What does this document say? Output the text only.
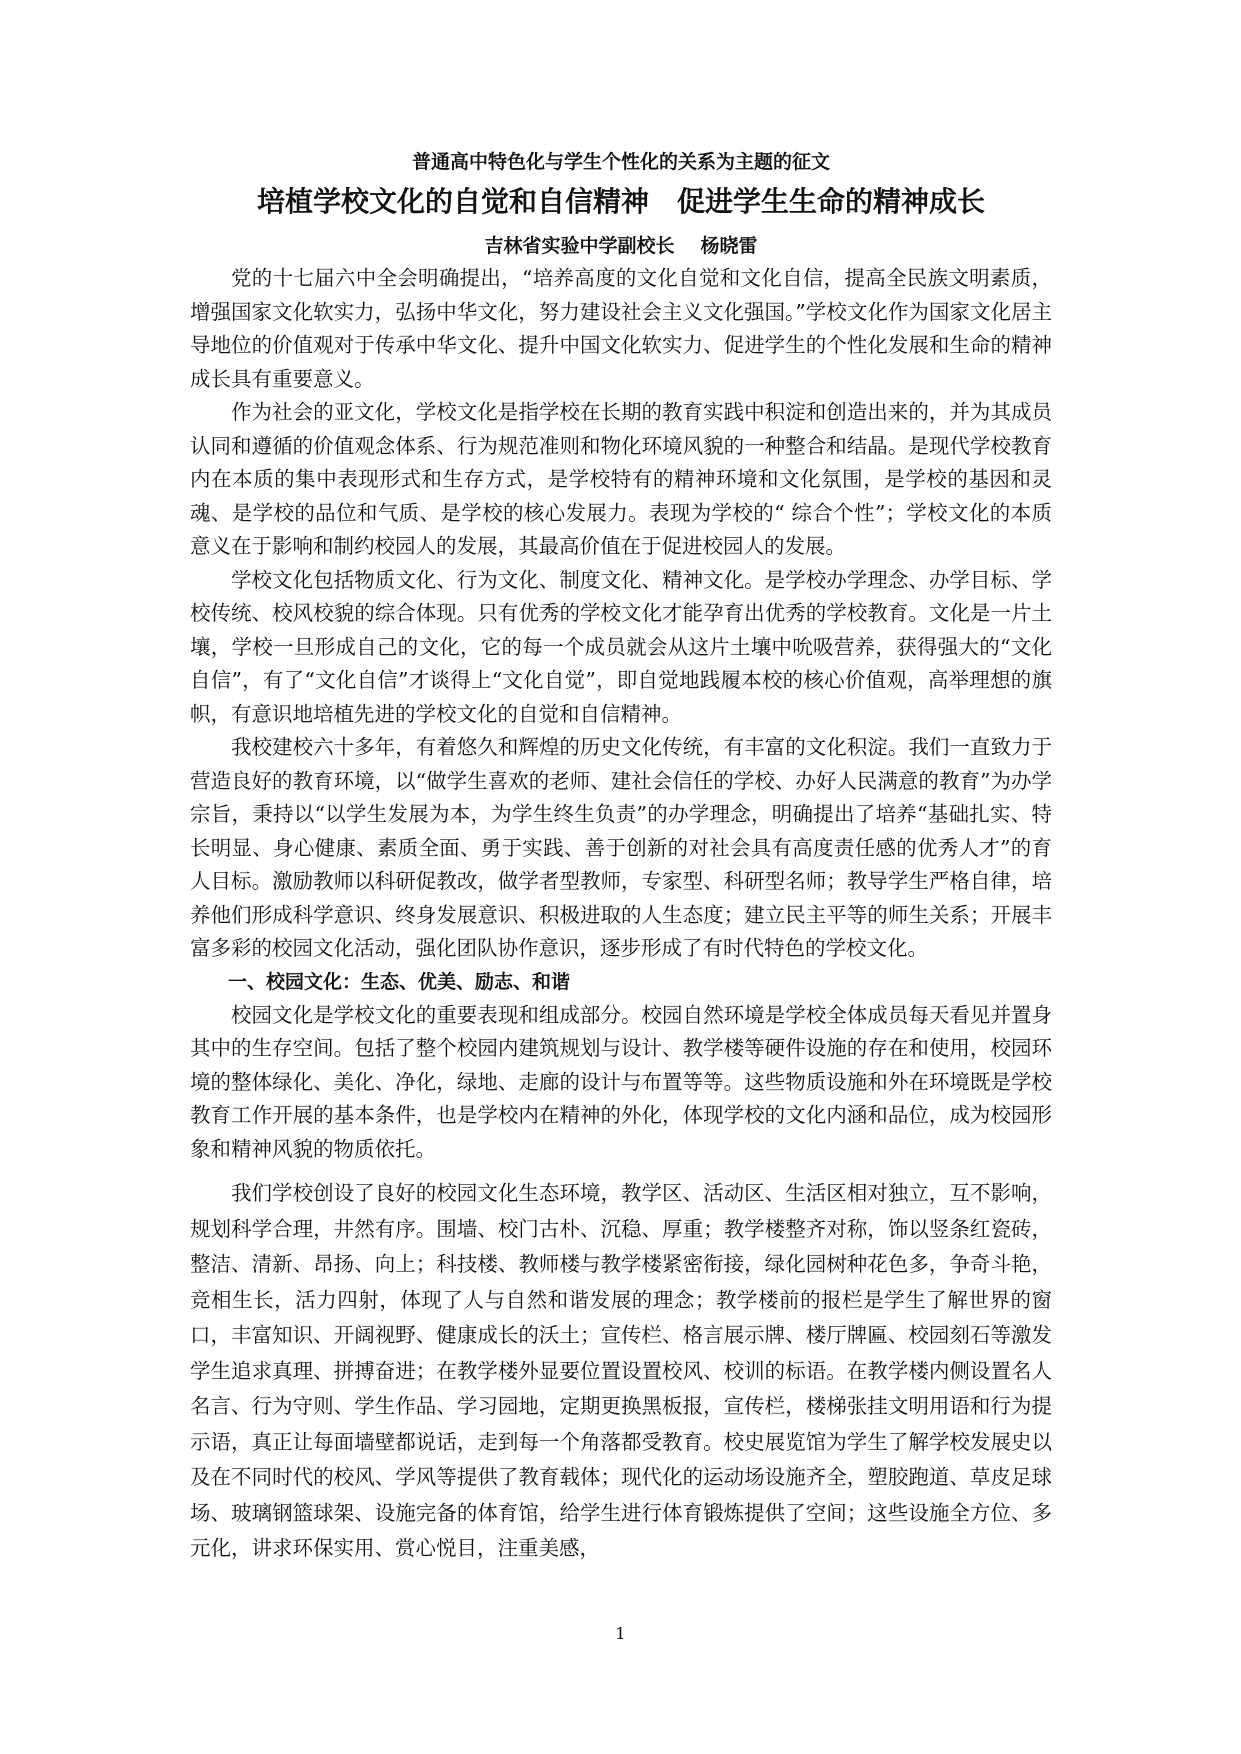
普通高中特色化与学生个性化的关系为主题的征文

培植学校文化的自觉和自信精神　促进学生生命的精神成长

吉林省实验中学副校长 杨晓雷

党的十七届六中全会明确提出，“培养高度的文化自觉和文化自信，提高全民族文明素质，增强国家文化软实力，弘扬中华文化，努力建设社会主义文化强国。”学校文化作为国家文化居主导地位的价值观对于传承中华文化、提升中国文化软实力、促进学生的个性化发展和生命的精神成长具有重要意义。

作为社会的亚文化，学校文化是指学校在长期的教育实践中积淀和创造出来的，并为其成员认同和遵循的价值观念体系、行为规范准则和物化环境风貌的一种整合和结晶。是现代学校教育内在本质的集中表现形式和生存方式，是学校特有的精神环境和文化氛围，是学校的基因和灵魂、是学校的品位和气质、是学校的核心发展力。表现为学校的“ 综合个性”；学校文化的本质意义在于影响和制约校园人的发展，其最高价值在于促进校园人的发展。

学校文化包括物质文化、行为文化、制度文化、精神文化。是学校办学理念、办学目标、学校传统、校风校貌的综合体现。只有优秀的学校文化才能孕育出优秀的学校教育。文化是一片土壤，学校一旦形成自己的文化，它的每一个成员就会从这片土壤中吮吸营养，获得强大的“文化自信”，有了“文化自信”才谈得上“文化自觉”，即自觉地践履本校的核心价值观，高举理想的旗帜，有意识地培植先进的学校文化的自觉和自信精神。

我校建校六十多年，有着悠久和辉煌的历史文化传统，有丰富的文化积淀。我们一直致力于营造良好的教育环境，以“做学生喜欢的老师、建社会信任的学校、办好人民满意的教育”为办学宗旨，秉持以“以学生发展为本，为学生终生负责”的办学理念，明确提出了培养“基础扎实、特长明显、身心健康、素质全面、勇于实践、善于创新的对社会具有高度责任感的优秀人才”的育人目标。激励教师以科研促教改，做学者型教师，专家型、科研型名师；教导学生严格自律，培养他们形成科学意识、终身发展意识、积极进取的人生态度；建立民主平等的师生关系；开展丰富多彩的校园文化活动，强化团队协作意识，逐步形成了有时代特色的学校文化。

一、校园文化：生态、优美、励志、和谐

校园文化是学校文化的重要表现和组成部分。校园自然环境是学校全体成员每天看见并置身其中的生存空间。包括了整个校园内建筑规划与设计、教学楼等硬件设施的存在和使用，校园环境的整体绿化、美化、净化，绿地、走廊的设计与布置等等。这些物质设施和外在环境既是学校教育工作开展的基本条件，也是学校内在精神的外化，体现学校的文化内涵和品位，成为校园形象和精神风貌的物质依托。

我们学校创设了良好的校园文化生态环境，教学区、活动区、生活区相对独立，互不影响，规划科学合理，井然有序。围墙、校门古朴、沉稳、厚重；教学楼整齐对称，饰以竖条红瓷砖，整洁、清新、昂扬、向上；科技楼、教师楼与教学楼紧密衔接，绿化园树种花色多，争奇斗艳，竞相生长，活力四射，体现了人与自然和谐发展的理念；教学楼前的报栏是学生了解世界的窗口，丰富知识、开阔视野、健康成长的沃土；宣传栏、格言展示牌、楼厅牌匾、校园刻石等激发学生追求真理、拼搏奋进；在教学楼外显要位置设置校风、校训的标语。在教学楼内侧设置名人名言、行为守则、学生作品、学习园地，定期更换黑板报，宣传栏，楼梯张挂文明用语和行为提示语，真正让每面墙壁都说话，走到每一个角落都受教育。校史展览馆为学生了解学校发展史以及在不同时代的校风、学风等提供了教育载体；现代化的运动场设施齐全，塑胶跑道、草皮足球场、玻璃钢篮球架、设施完备的体育馆，给学生进行体育锻炼提供了空间；这些设施全方位、多元化，讲求环保实用、赏心悦目，注重美感，

1
